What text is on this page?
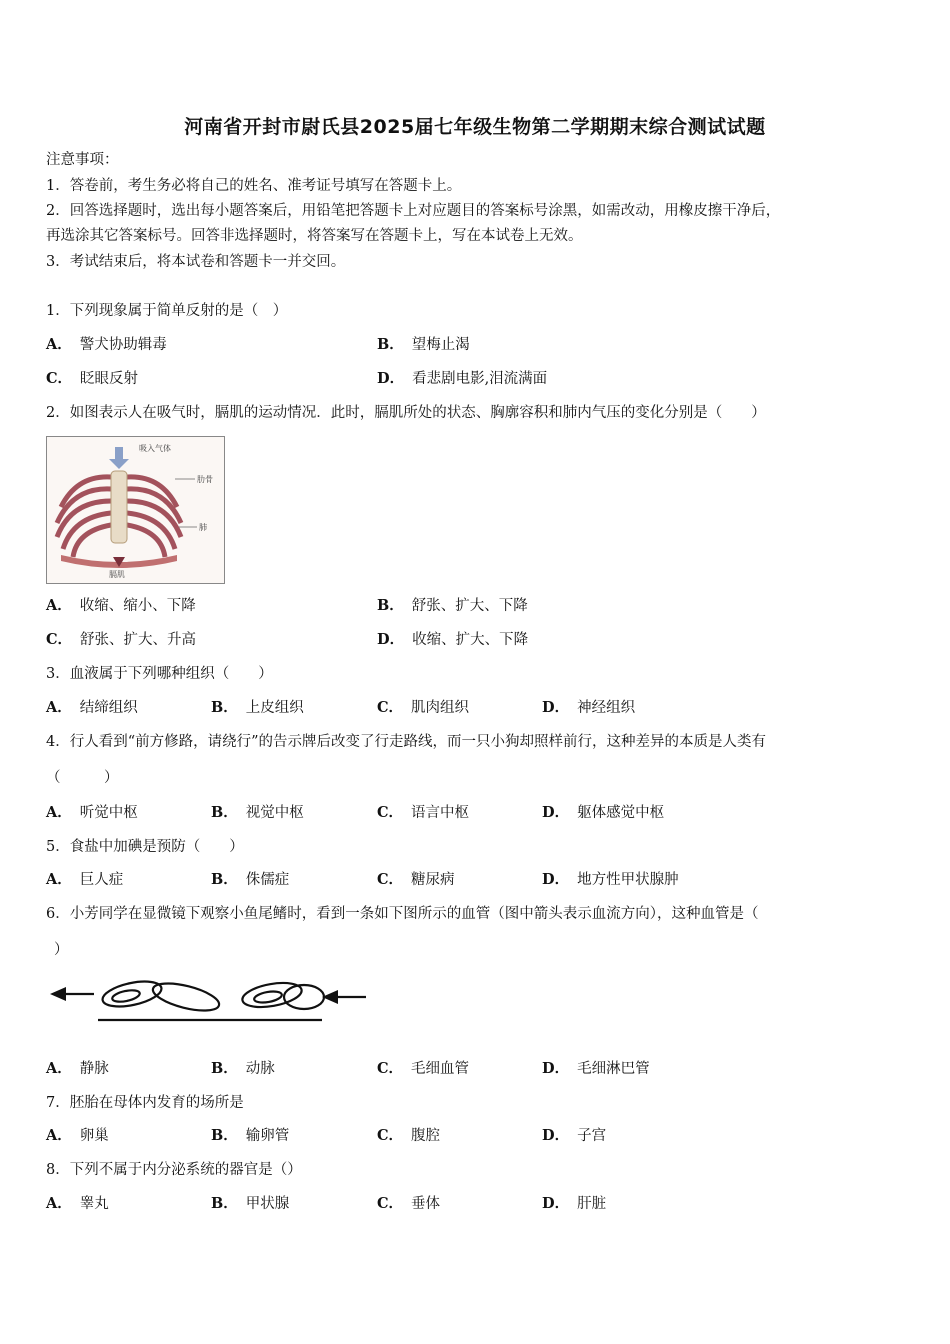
河南省开封市尉氏县2025届七年级生物第二学期期末综合测试试题
注意事项：
1．答卷前，考生务必将自己的姓名、准考证号填写在答题卡上。
2．回答选择题时，选出每小题答案后，用铅笔把答题卡上对应题目的答案标号涂黑，如需改动，用橡皮擦干净后，
再选涂其它答案标号。回答非选择题时，将答案写在答题卡上，写在本试卷上无效。
3．考试结束后，将本试卷和答题卡一并交回。
1．下列现象属于简单反射的是（　）
A． 警犬协助辑毒	B． 望梅止渴
C． 眨眼反射	D． 看悲剧电影,泪流满面
2．如图表示人在吸气时，膈肌的运动情况．此时，膈肌所处的状态、胸廓容积和肺内气压的变化分别是（　　）
吸入气体
肋骨
肺
膈肌
A． 收缩、缩小、下降	B． 舒张、扩大、下降
C． 舒张、扩大、升高	D． 收缩、扩大、下降
3．血液属于下列哪种组织（　　）
A． 结缔组织	B． 上皮组织	C． 肌肉组织	D． 神经组织
4．行人看到“前方修路，请绕行”的告示牌后改变了行走路线，而一只小狗却照样前行，这种差异的本质是人类有
（　　　）
A． 听觉中枢	B． 视觉中枢	C． 语言中枢	D． 躯体感觉中枢
5．食盐中加碘是预防（　　）
A． 巨人症	B． 侏儒症	C． 糖尿病	D． 地方性甲状腺肿
6．小芳同学在显微镜下观察小鱼尾鳍时，看到一条如下图所示的血管（图中箭头表示血流方向），这种血管是（
）
A． 静脉	B． 动脉	C． 毛细血管	D． 毛细淋巴管
7．胚胎在母体内发育的场所是
A． 卵巢	B． 输卵管	C． 腹腔	D． 子宫
8．下列不属于内分泌系统的器官是（）
A． 睾丸	B． 甲状腺	C． 垂体	D． 肝脏
